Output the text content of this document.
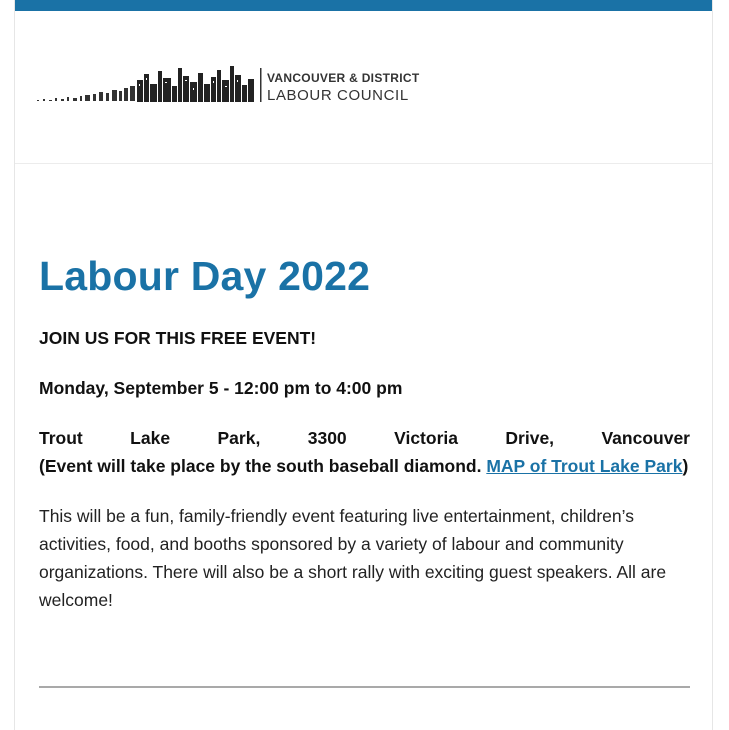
VANCOUVER & DISTRICT
LABOUR COUNCIL
Labour Day 2022

JOIN US FOR THIS FREE EVENT!

Monday, September 5 - 12:00 pm to 4:00 pm

Trout Lake Park, 3300 Victoria Drive, Vancouver
(Event will take place by the south baseball diamond. MAP of Trout Lake Park)

This will be a fun, family-friendly event featuring live entertainment, children’s activities, food, and booths sponsored by a variety of labour and community organizations. There will also be a short rally with exciting guest speakers. All are welcome!
